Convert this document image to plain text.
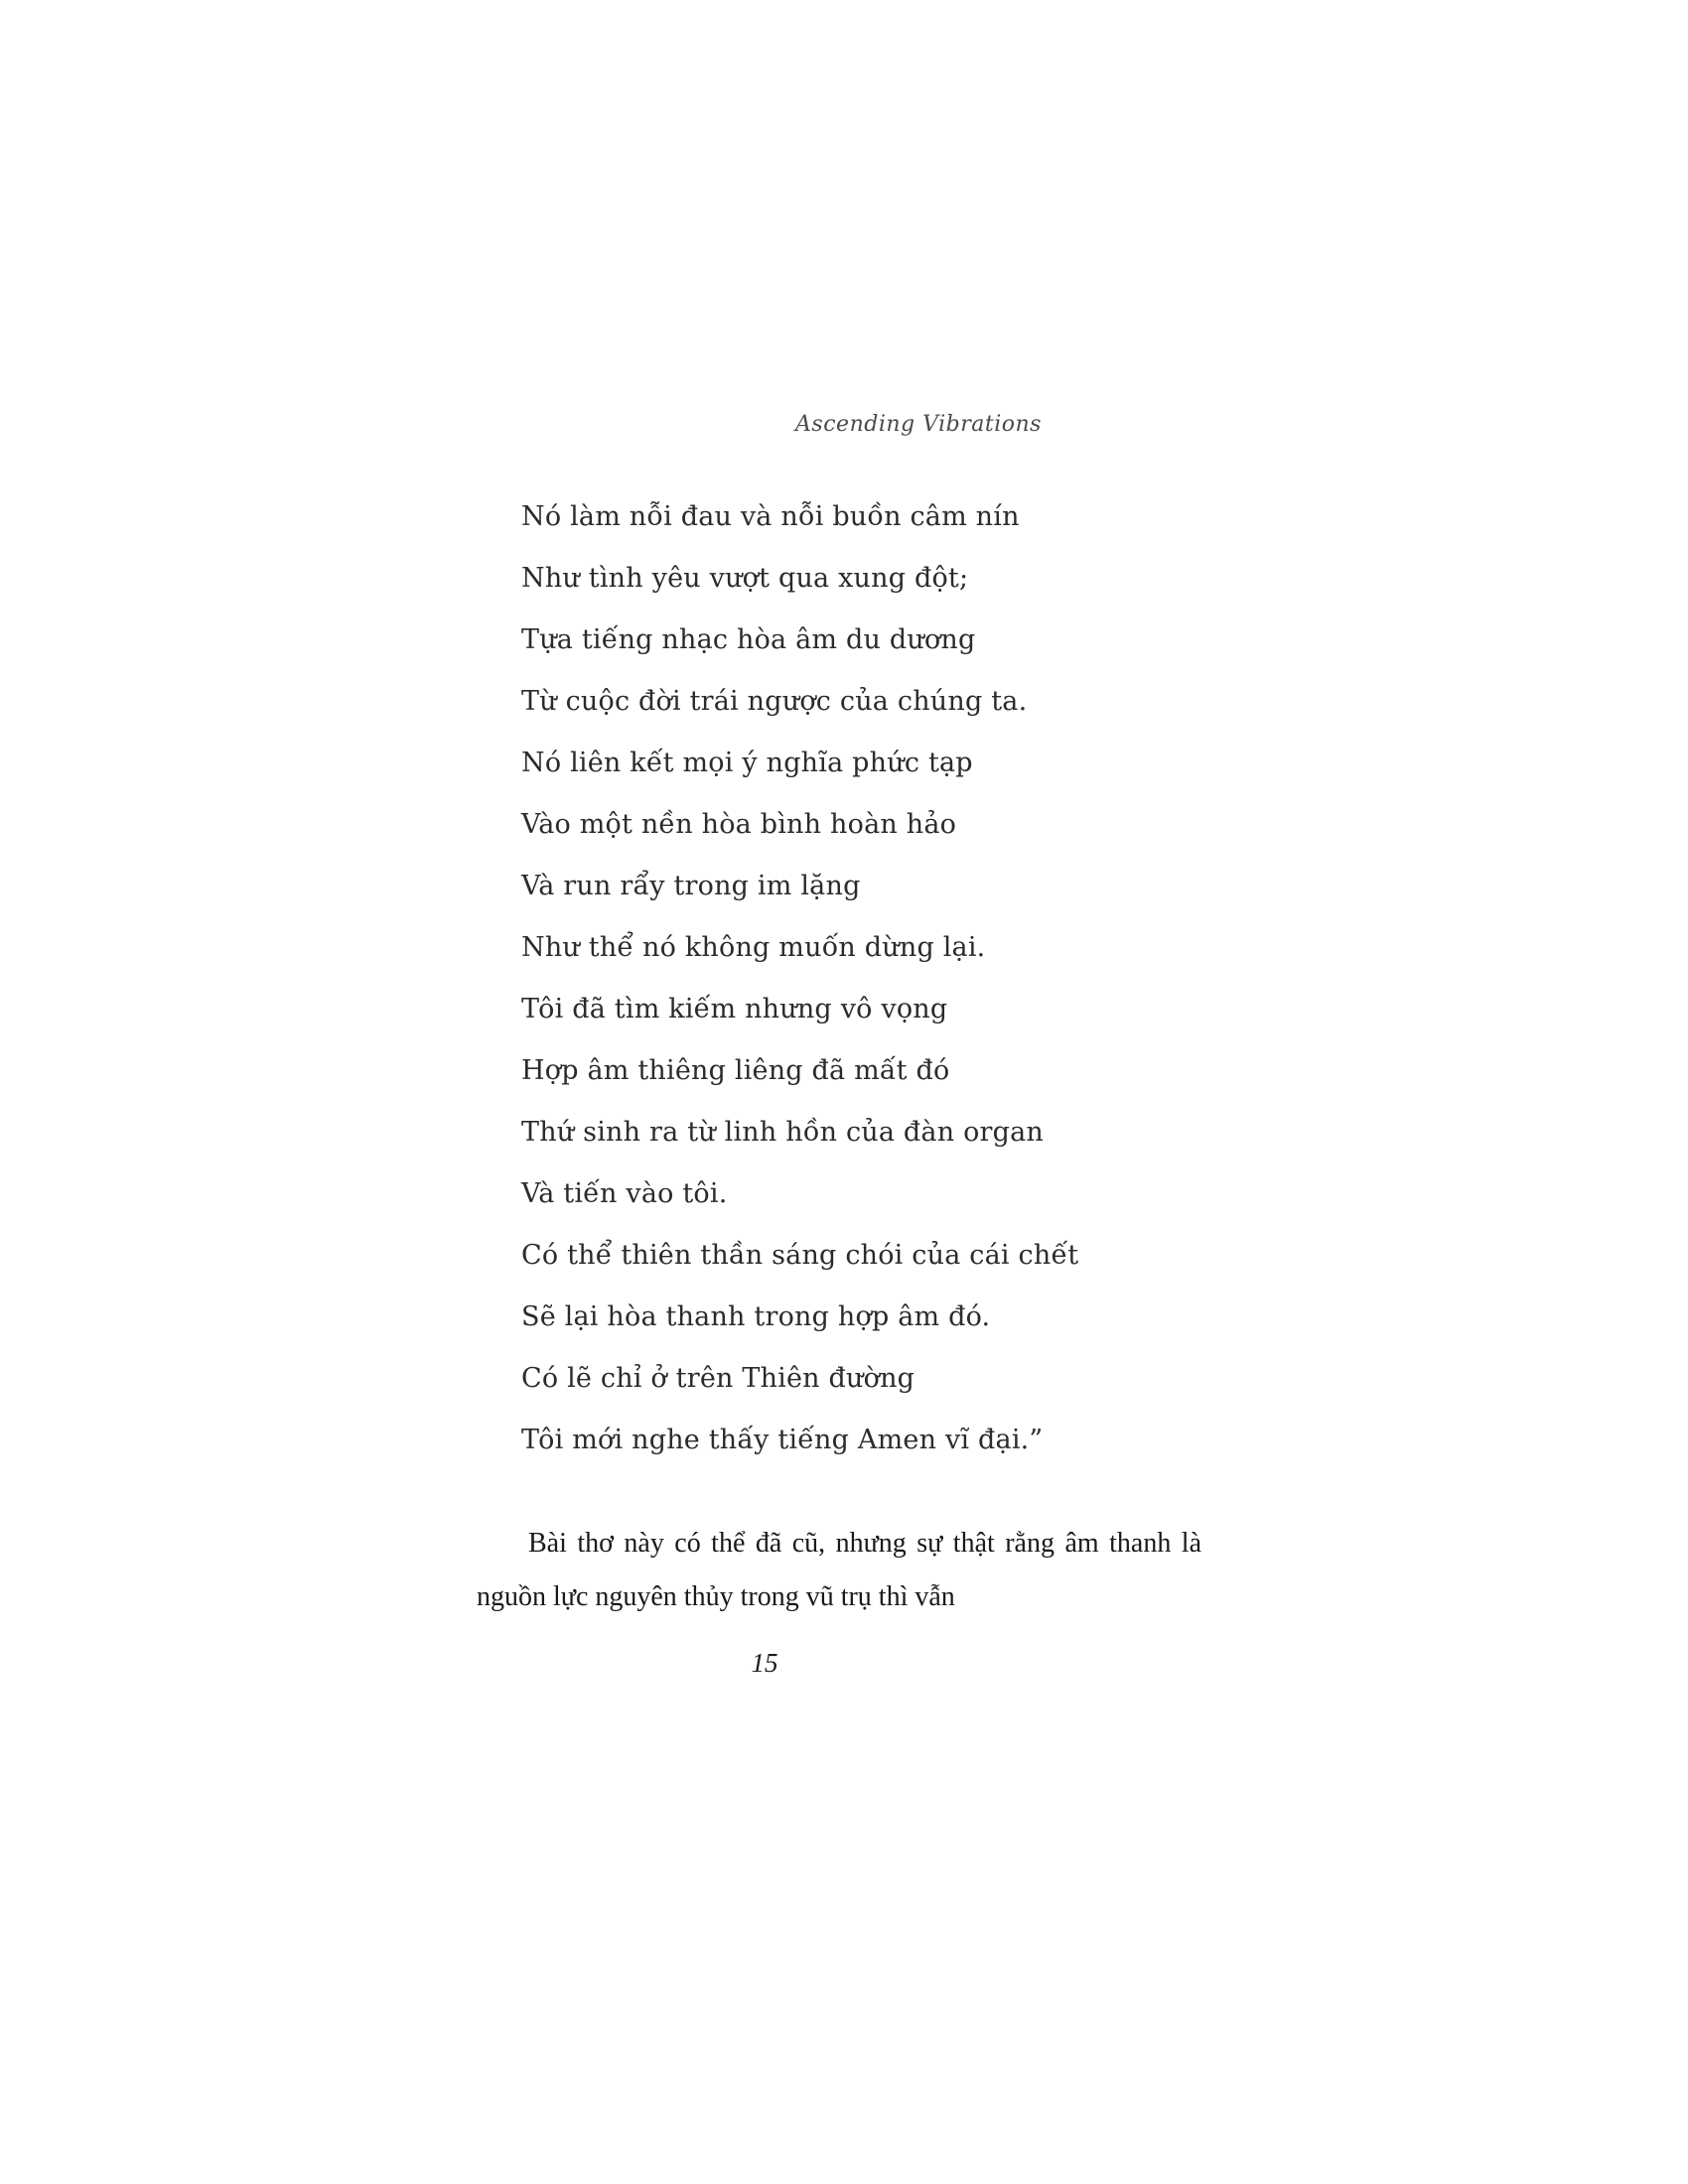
Ascending Vibrations
Nó làm nỗi đau và nỗi buồn câm nín
Như tình yêu vượt qua xung đột;
Tựa tiếng nhạc hòa âm du dương
Từ cuộc đời trái ngược của chúng ta.
Nó liên kết mọi ý nghĩa phức tạp
Vào một nền hòa bình hoàn hảo
Và run rẩy trong im lặng
Như thể nó không muốn dừng lại.
Tôi đã tìm kiếm nhưng vô vọng
Hợp âm thiêng liêng đã mất đó
Thứ sinh ra từ linh hồn của đàn organ
Và tiến vào tôi.
Có thể thiên thần sáng chói của cái chết
Sẽ lại hòa thanh trong hợp âm đó.
Có lẽ chỉ ở trên Thiên đường
Tôi mới nghe thấy tiếng Amen vĩ đại.”

Bài thơ này có thể đã cũ, nhưng sự thật rằng âm thanh là nguồn lực nguyên thủy trong vũ trụ thì vẫn

15
